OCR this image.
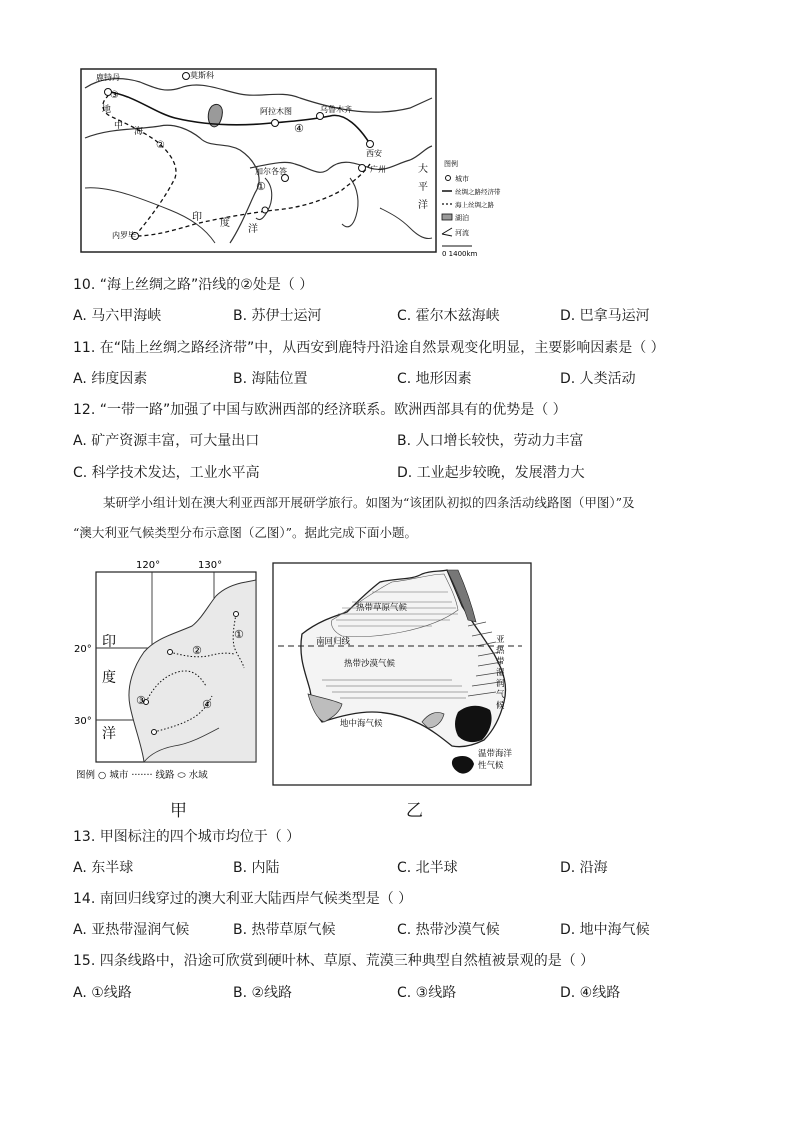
鹿特丹	莫斯科
阿拉木图	乌鲁木齐
西安
广州
加尔各答
内罗毕
地
中
海
印
度
洋
大
平
洋
③
②
④
①
图例
城市
丝绸之路经济带
海上丝绸之路
湖泊
河流
0 1400km
10. “海上丝绸之路”沿线的②处是（ ）
A. 马六甲海峡	B. 苏伊士运河	C. 霍尔木兹海峡	D. 巴拿马运河
11. 在“陆上丝绸之路经济带”中，从西安到鹿特丹沿途自然景观变化明显，主要影响因素是（ ）
A. 纬度因素	B. 海陆位置	C. 地形因素	D. 人类活动
12. “一带一路”加强了中国与欧洲西部的经济联系。欧洲西部具有的优势是（ ）
A. 矿产资源丰富，可大量出口	B. 人口增长较快，劳动力丰富
C. 科学技术发达，工业水平高	D. 工业起步较晚，发展潜力大
某研学小组计划在澳大利亚西部开展研学旅行。如图为“该团队初拟的四条活动线路图（甲图）”及
“澳大利亚气候类型分布示意图（乙图）”。据此完成下面小题。
120°	130°
①
②
③	④
20°
30°
印
度
洋
图例 ○ 城市 ······· 线路 ⬭ 水域
甲
热带草原气候
南回归线
热带沙漠气候
地中海气候
亚
热
带
湿
润
气
候
温带海洋
性气候
乙
13. 甲图标注的四个城市均位于（ ）
A. 东半球	B. 内陆	C. 北半球	D. 沿海
14. 南回归线穿过的澳大利亚大陆西岸气候类型是（ ）
A. 亚热带湿润气候	B. 热带草原气候	C. 热带沙漠气候	D. 地中海气候
15. 四条线路中，沿途可欣赏到硬叶林、草原、荒漠三种典型自然植被景观的是（ ）
A. ①线路	B. ②线路	C. ③线路	D. ④线路
